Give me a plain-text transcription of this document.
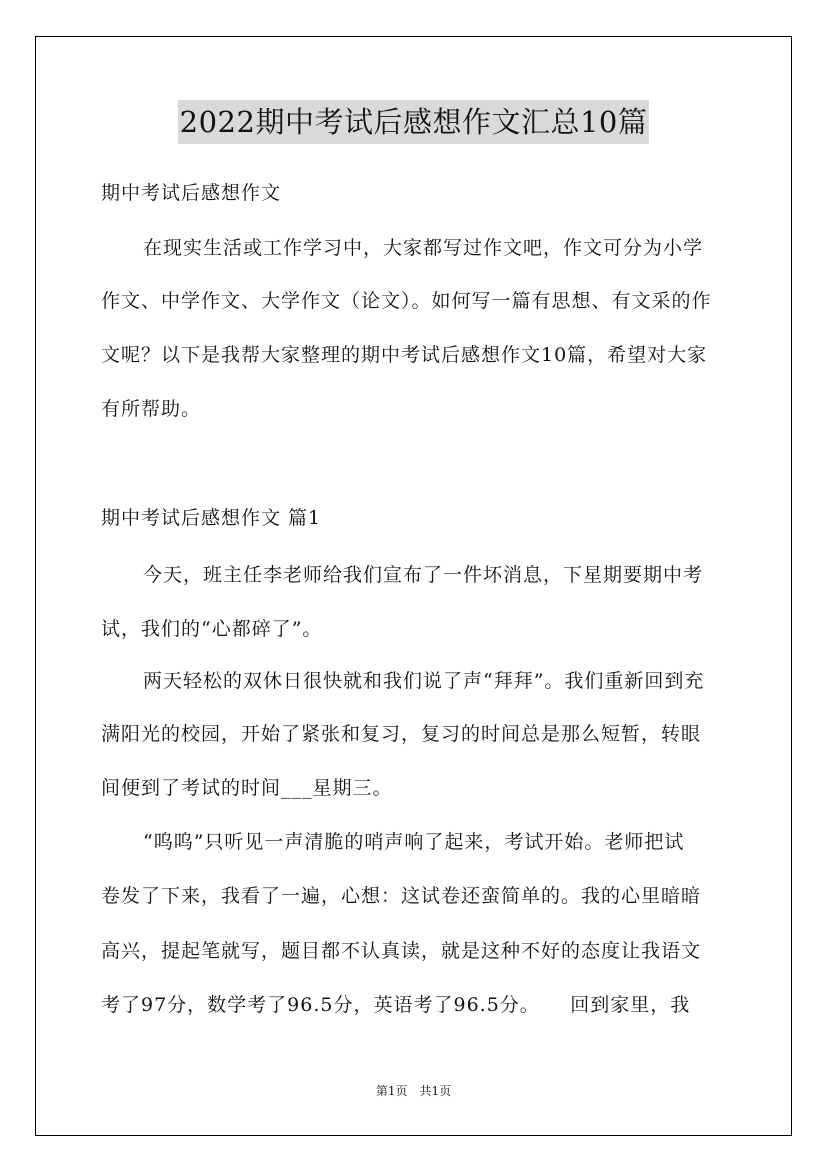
2022期中考试后感想作文汇总10篇
期中考试后感想作文
在现实生活或工作学习中，大家都写过作文吧，作文可分为小学
作文、中学作文、大学作文（论文）。如何写一篇有思想、有文采的作
文呢？以下是我帮大家整理的期中考试后感想作文10篇，希望对大家
有所帮助。
期中考试后感想作文 篇1
今天，班主任李老师给我们宣布了一件坏消息，下星期要期中考
试，我们的“心都碎了”。
两天轻松的双休日很快就和我们说了声“拜拜”。我们重新回到充
满阳光的校园，开始了紧张和复习，复习的时间总是那么短暂，转眼
间便到了考试的时间___星期三。
“呜呜”只听见一声清脆的哨声响了起来，考试开始。老师把试
卷发了下来，我看了一遍，心想：这试卷还蛮简单的。我的心里暗暗
高兴，提起笔就写，题目都不认真读，就是这种不好的态度让我语文
考了97分，数学考了96.5分，英语考了96.5分。　　回到家里，我
第1页　共1页
